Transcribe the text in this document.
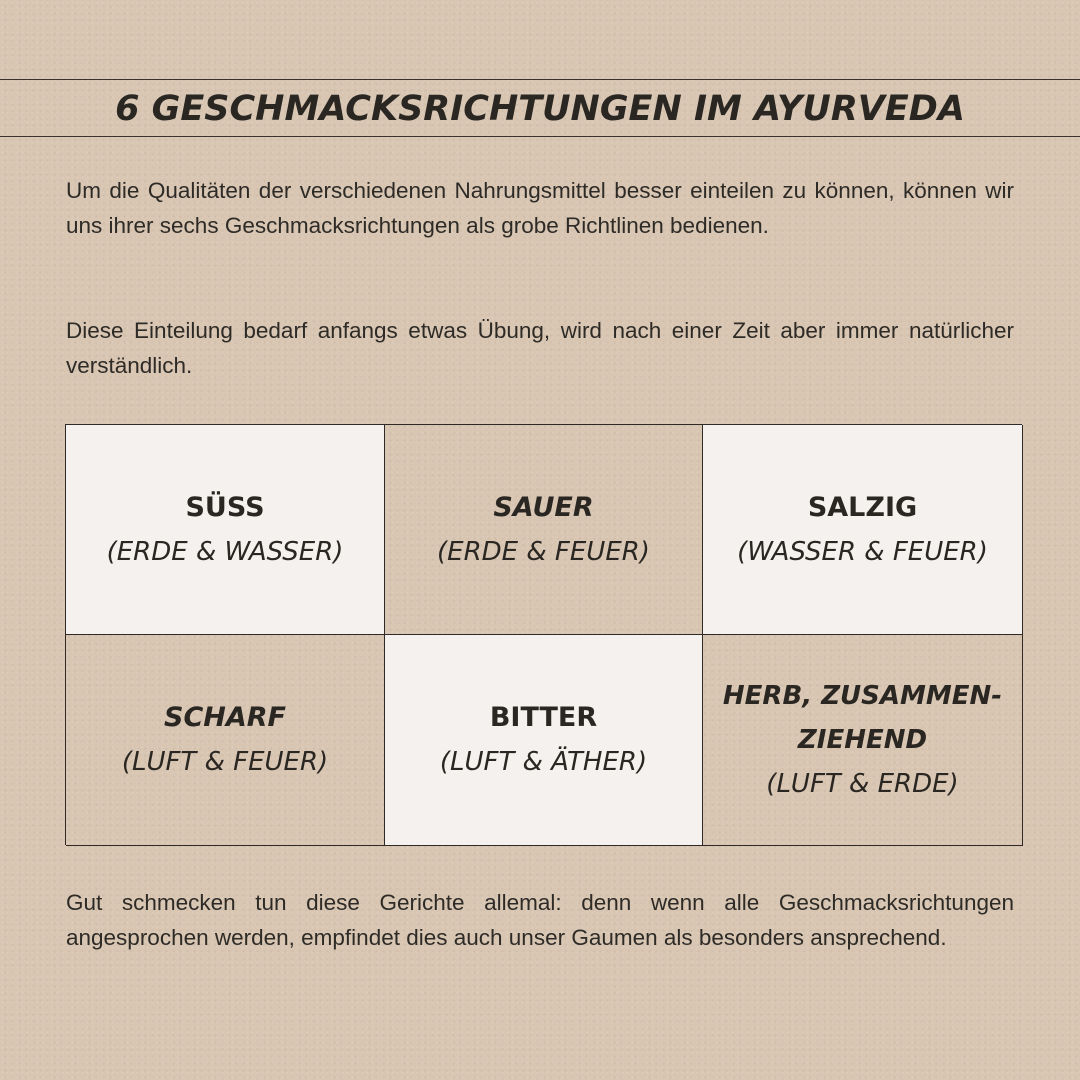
6 GESCHMACKSRICHTUNGEN IM AYURVEDA

Um die Qualitäten der verschiedenen Nahrungsmittel besser einteilen zu können, können wir uns ihrer sechs Geschmacksrichtungen als grobe Richtlinen bedienen.

Diese Einteilung bedarf anfangs etwas Übung, wird nach einer Zeit aber immer natürlicher verständlich.

SÜSS
(ERDE & WASSER)
SAUER
(ERDE & FEUER)
SALZIG
(WASSER & FEUER)
SCHARF
(LUFT & FEUER)
BITTER
(LUFT & ÄTHER)
HERB, ZUSAMMEN-ZIEHEND
(LUFT & ERDE)

Gut schmecken tun diese Gerichte allemal: denn wenn alle Geschmacksrichtungen angesprochen werden, empfindet dies auch unser Gaumen als besonders ansprechend.
